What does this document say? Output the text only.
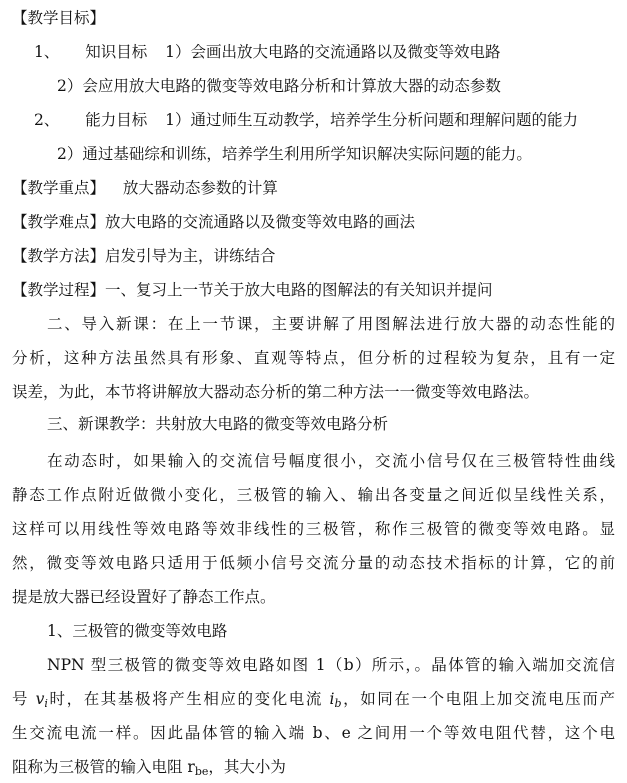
【教学目标】
1、 知识目标 1）会画出放大电路的交流通路以及微变等效电路
2）会应用放大电路的微变等效电路分析和计算放大器的动态参数
2、 能力目标 1）通过师生互动教学，培养学生分析问题和理解问题的能力
2）通过基础综和训练，培养学生利用所学知识解决实际问题的能力。
【教学重点】 放大器动态参数的计算
【教学难点】放大电路的交流通路以及微变等效电路的画法
【教学方法】启发引导为主，讲练结合
【教学过程】一、复习上一节关于放大电路的图解法的有关知识并提问
二、导入新课：在上一节课，主要讲解了用图解法进行放大器的动态性能的
分析，这种方法虽然具有形象、直观等特点，但分析的过程较为复杂，且有一定
误差，为此，本节将讲解放大器动态分析的第二种方法一一微变等效电路法。
三、新课教学：共射放大电路的微变等效电路分析
在动态时，如果输入的交流信号幅度很小，交流小信号仅在三极管特性曲线
静态工作点附近做微小变化，三极管的输入、输出各变量之间近似呈线性关系，
这样可以用线性等效电路等效非线性的三极管，称作三极管的微变等效电路。显
然，微变等效电路只适用于低频小信号交流分量的动态技术指标的计算，它的前
提是放大器已经设置好了静态工作点。
1、三极管的微变等效电路
NPN 型三极管的微变等效电路如图 1（b）所示，。晶体管的输入端加交流信
号 $v_i$时，在其基极将产生相应的变化电流 $i_b$，如同在一个电阻上加交流电压而产
生交流电流一样。因此晶体管的输入端 b、e 之间用一个等效电阻代替，这个电
阻称为三极管的输入电阻 $r_{be}$，其大小为
